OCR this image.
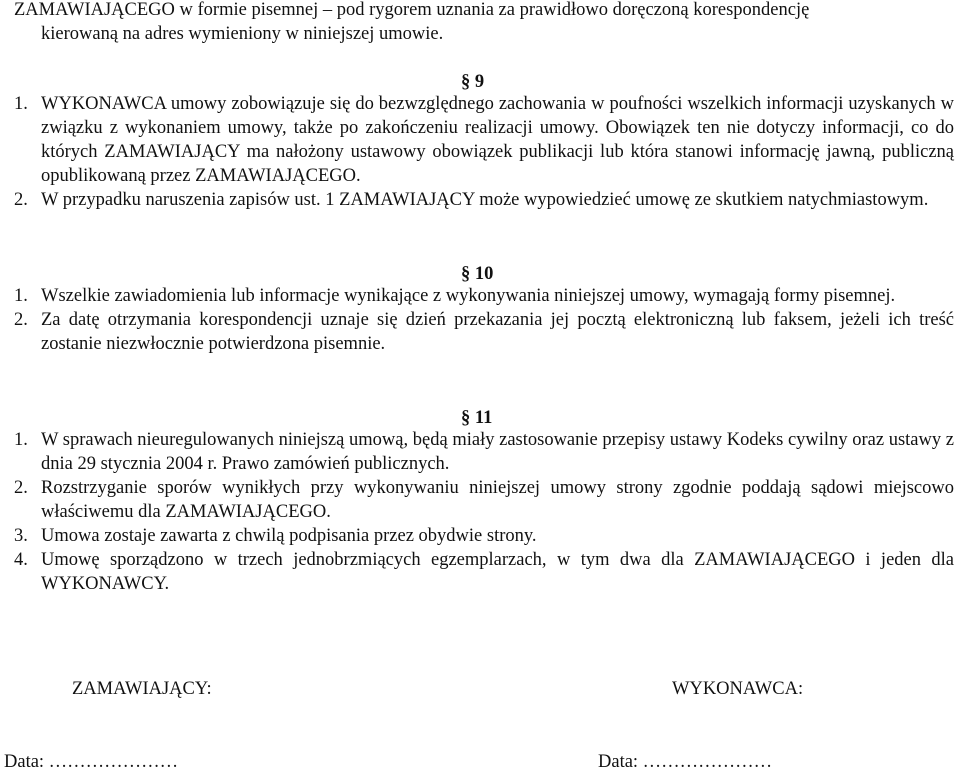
ZAMAWIAJĄCEGO w formie pisemnej – pod rygorem uznania za prawidłowo doręczoną korespondencję
kierowaną na adres wymieniony w niniejszej umowie.
§ 9
1. WYKONAWCA umowy zobowiązuje się do bezwzględnego zachowania w poufności wszelkich informacji uzyskanych w związku z wykonaniem umowy, także po zakończeniu realizacji umowy. Obowiązek ten nie dotyczy informacji, co do których ZAMAWIAJĄCY ma nałożony ustawowy obowiązek publikacji lub która stanowi informację jawną, publiczną opublikowaną przez ZAMAWIAJĄCEGO.
2. W przypadku naruszenia zapisów ust. 1 ZAMAWIAJĄCY może wypowiedzieć umowę ze skutkiem natychmiastowym.
§ 10
1. Wszelkie zawiadomienia lub informacje wynikające z wykonywania niniejszej umowy, wymagają formy pisemnej.
2. Za datę otrzymania korespondencji uznaje się dzień przekazania jej pocztą elektroniczną lub faksem, jeżeli ich treść zostanie niezwłocznie potwierdzona pisemnie.
§ 11
1. W sprawach nieuregulowanych niniejszą umową, będą miały zastosowanie przepisy ustawy Kodeks cywilny oraz ustawy z dnia 29 stycznia 2004 r. Prawo zamówień publicznych.
2. Rozstrzyganie sporów wynikłych przy wykonywaniu niniejszej umowy strony zgodnie poddają sądowi miejscowo właściwemu dla ZAMAWIAJĄCEGO.
3. Umowa zostaje zawarta z chwilą podpisania przez obydwie strony.
4. Umowę sporządzono w trzech jednobrzmiących egzemplarzach, w tym dwa dla ZAMAWIAJĄCEGO i jeden dla WYKONAWCY.
ZAMAWIAJĄCY:	WYKONAWCA:
Data: …………………	Data: …………………
